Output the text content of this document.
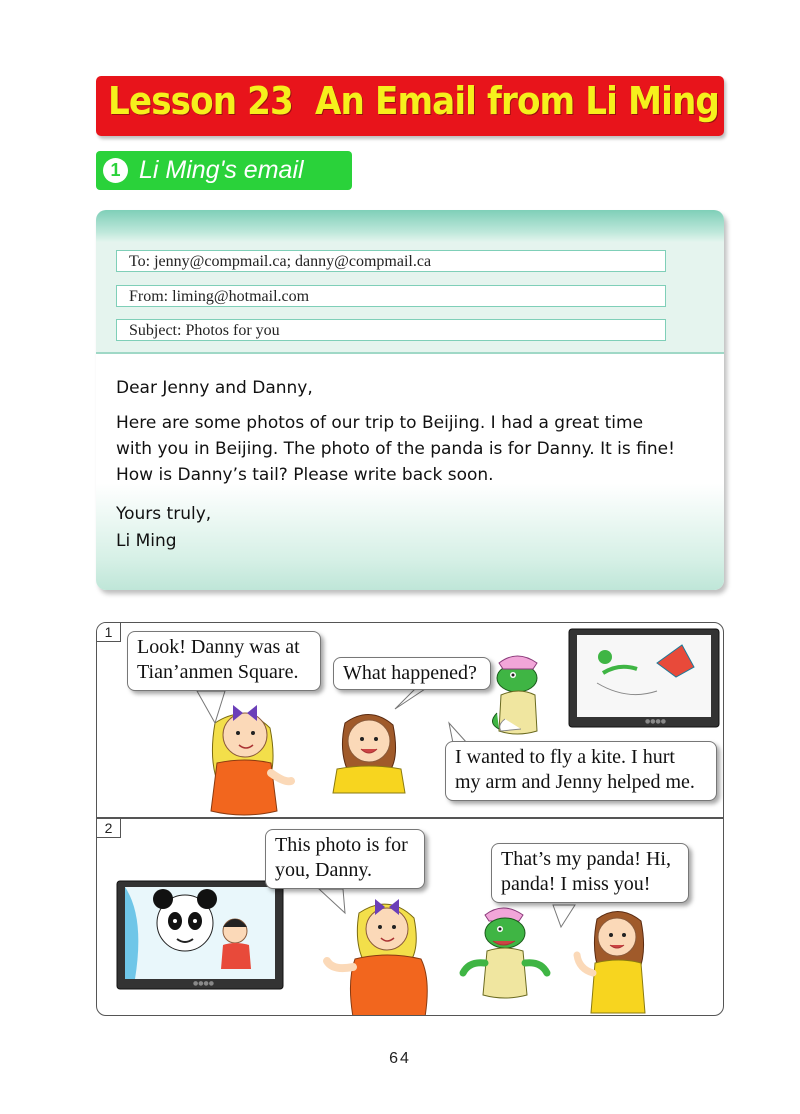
Lesson 23  An Email from Li Ming
1 Li Ming's email
To: jenny@compmail.ca; danny@compmail.ca
From: liming@hotmail.com
Subject: Photos for you
Dear Jenny and Danny,
Here are some photos of our trip to Beijing. I had a great time
with you in Beijing. The photo of the panda is for Danny. It is fine!
How is Danny’s tail? Please write back soon.
Yours truly,
Li Ming
1
2
●●●●
●●●●
Look! Danny was at
Tian’anmen Square.	What happened?
I wanted to fly a kite. I hurt
my arm and Jenny helped me.
This photo is for
you, Danny.	That’s my panda! Hi,
panda! I miss you!
64
